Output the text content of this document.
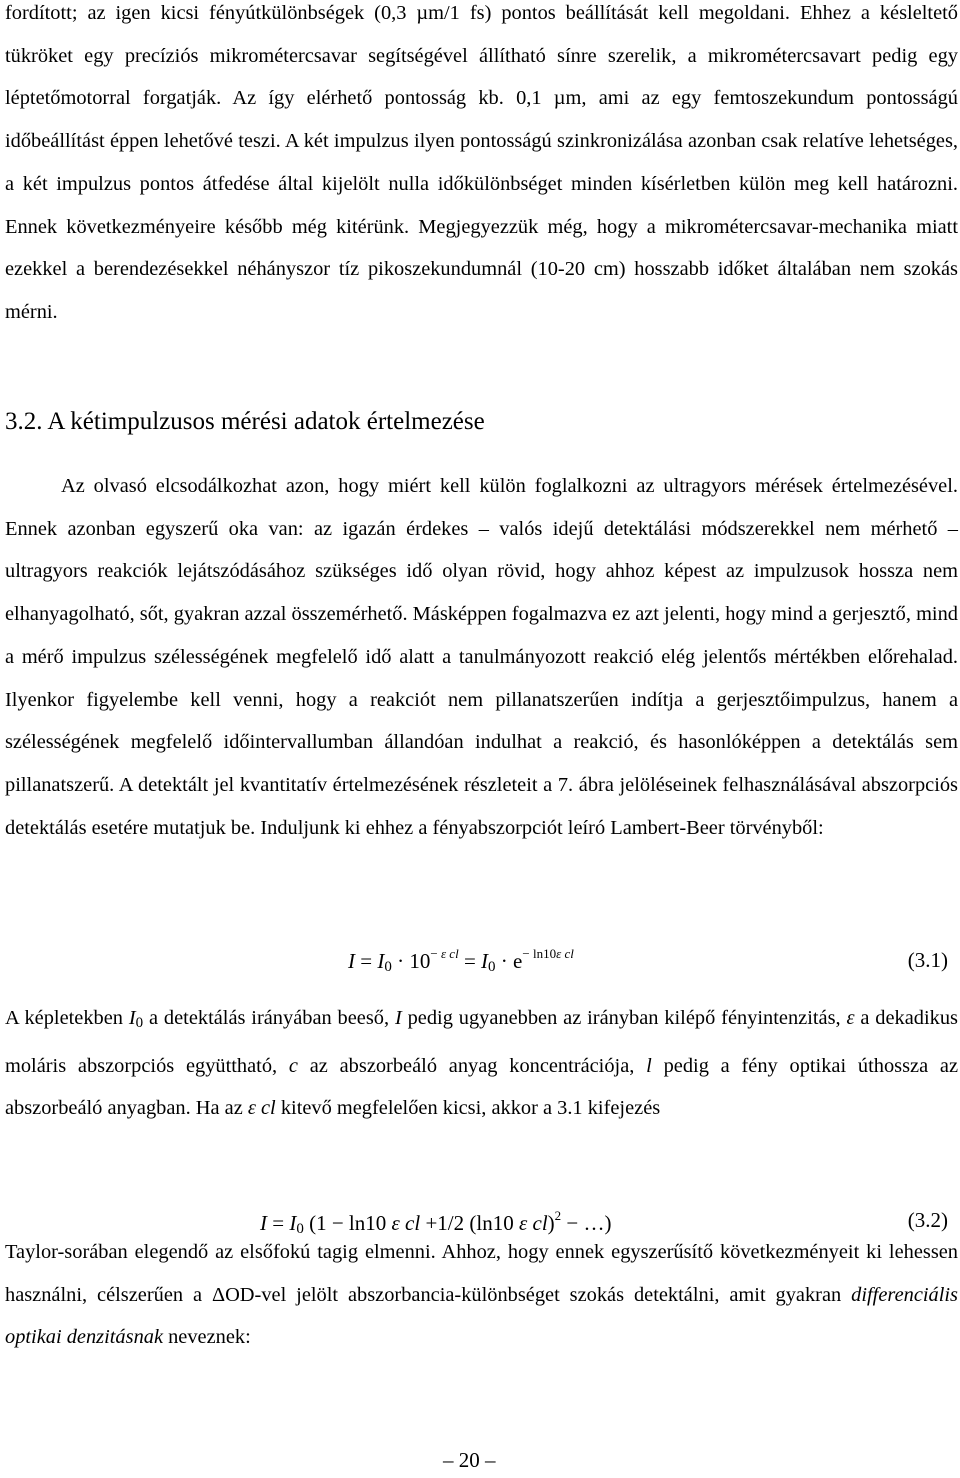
fordított; az igen kicsi fényútkülönbségek (0,3 µm/1 fs) pontos beállítását kell megoldani. Ehhez a késleltető tükröket egy precíziós mikrométercsavar segítségével állítható sínre szerelik, a mikrométercsavart pedig egy léptetőmotorral forgatják. Az így elérhető pontosság kb. 0,1 µm, ami az egy femtoszekundum pontosságú időbeállítást éppen lehetővé teszi. A két impulzus ilyen pontosságú szinkronizálása azonban csak relatíve lehetséges, a két impulzus pontos átfedése által kijelölt nulla időkülönbséget minden kísérletben külön meg kell határozni. Ennek következményeire később még kitérünk. Megjegyezzük még, hogy a mikrométercsavar-mechanika miatt ezekkel a berendezésekkel néhányszor tíz pikoszekundumnál (10-20 cm) hosszabb időket általában nem szokás mérni.

3.2. A kétimpulzusos mérési adatok értelmezése

Az olvasó elcsodálkozhat azon, hogy miért kell külön foglalkozni az ultragyors mérések értelmezésével. Ennek azonban egyszerű oka van: az igazán érdekes – valós idejű detektálási módszerekkel nem mérhető – ultragyors reakciók lejátszódásához szükséges idő olyan rövid, hogy ahhoz képest az impulzusok hossza nem elhanyagolható, sőt, gyakran azzal összemérhető. Másképpen fogalmazva ez azt jelenti, hogy mind a gerjesztő, mind a mérő impulzus szélességének megfelelő idő alatt a tanulmányozott reakció elég jelentős mértékben előrehalad. Ilyenkor figyelembe kell venni, hogy a reakciót nem pillanatszerűen indítja a gerjesztőimpulzus, hanem a szélességének megfelelő időintervallumban állandóan indulhat a reakció, és hasonlóképpen a detektálás sem pillanatszerű. A detektált jel kvantitatív értelmezésének részleteit a 7. ábra jelöléseinek felhasználásával abszorpciós detektálás esetére mutatjuk be. Induljunk ki ehhez a fényabszorpciót leíró Lambert-Beer törvényből:

$I = I_0 \cdot 10^{- \varepsilon cl} = I_0 \cdot e^{- ln10\varepsilon cl}$	(3.1)

A képletekben $I_0$ a detektálás irányában beeső, I pedig ugyanebben az irányban kilépő fényintenzitás, ε a dekadikus moláris abszorpciós együttható, c az abszorbeáló anyag koncentrációja, l pedig a fény optikai úthossza az abszorbeáló anyagban. Ha az ε cl kitevő megfelelően kicsi, akkor a 3.1 kifejezés

$I = I_0$ (1 − ln10 ε cl +1/2 (ln10 ε cl)$^2$ − …)	(3.2)

Taylor-sorában elegendő az elsőfokú tagig elmenni. Ahhoz, hogy ennek egyszerűsítő következményeit ki lehessen használni, célszerűen a ΔOD-vel jelölt abszorbancia-különbséget szokás detektálni, amit gyakran differenciális optikai denzitásnak neveznek:

– 20 –
